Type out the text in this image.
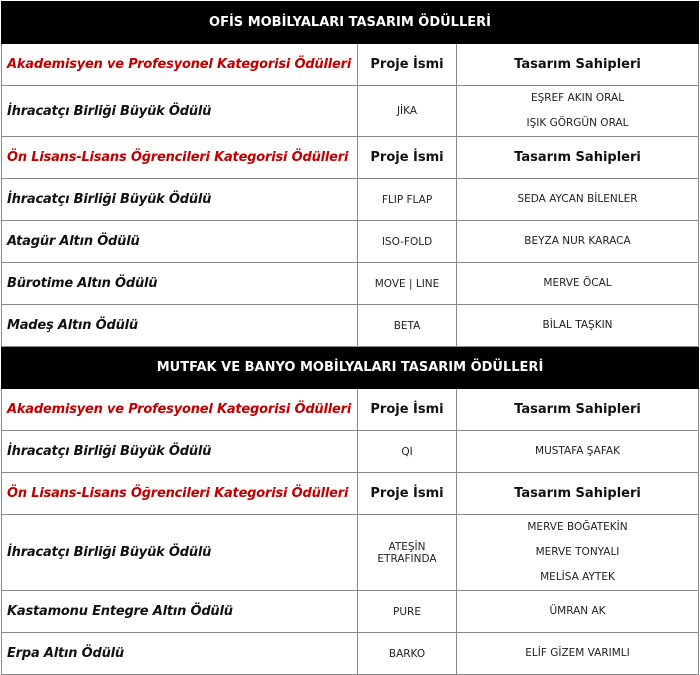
OFİS MOBİLYALARI TASARIM ÖDÜLLERİ		
Akademisyen ve Profesyonel Kategorisi Ödülleri	Proje İsmi	Tasarım Sahipleri
İhracatçı Birliği Büyük Ödülü	JİKA	EŞREF AKIN ORAL
IŞIK GÖRGÜN ORAL

Ön Lisans-Lisans Öğrencileri Kategorisi Ödülleri	Proje İsmi	Tasarım Sahipleri
İhracatçı Birliği Büyük Ödülü	FLIP FLAP	SEDA AYCAN BİLENLER

Atagür Altın Ödülü	ISO-FOLD	BEYZA NUR KARACA

Bürotime Altın Ödülü	MOVE | LINE	MERVE ÖCAL

Madeş Altın Ödülü	BETA	BİLAL TAŞKIN

MUTFAK VE BANYO MOBİLYALARI TASARIM ÖDÜLLERİ		
Akademisyen ve Profesyonel Kategorisi Ödülleri	Proje İsmi	Tasarım Sahipleri
İhracatçı Birliği Büyük Ödülü	QI	MUSTAFA ŞAFAK

Ön Lisans-Lisans Öğrencileri Kategorisi Ödülleri	Proje İsmi	Tasarım Sahipleri
İhracatçı Birliği Büyük Ödülü	ATEŞİN ETRAFINDA	MERVE BOĞATEKİN
MERVE TONYALI
MELİSA AYTEK

Kastamonu Entegre Altın Ödülü	PURE	ÜMRAN AK

Erpa Altın Ödülü	BARKO	ELİF GİZEM VARIMLI
